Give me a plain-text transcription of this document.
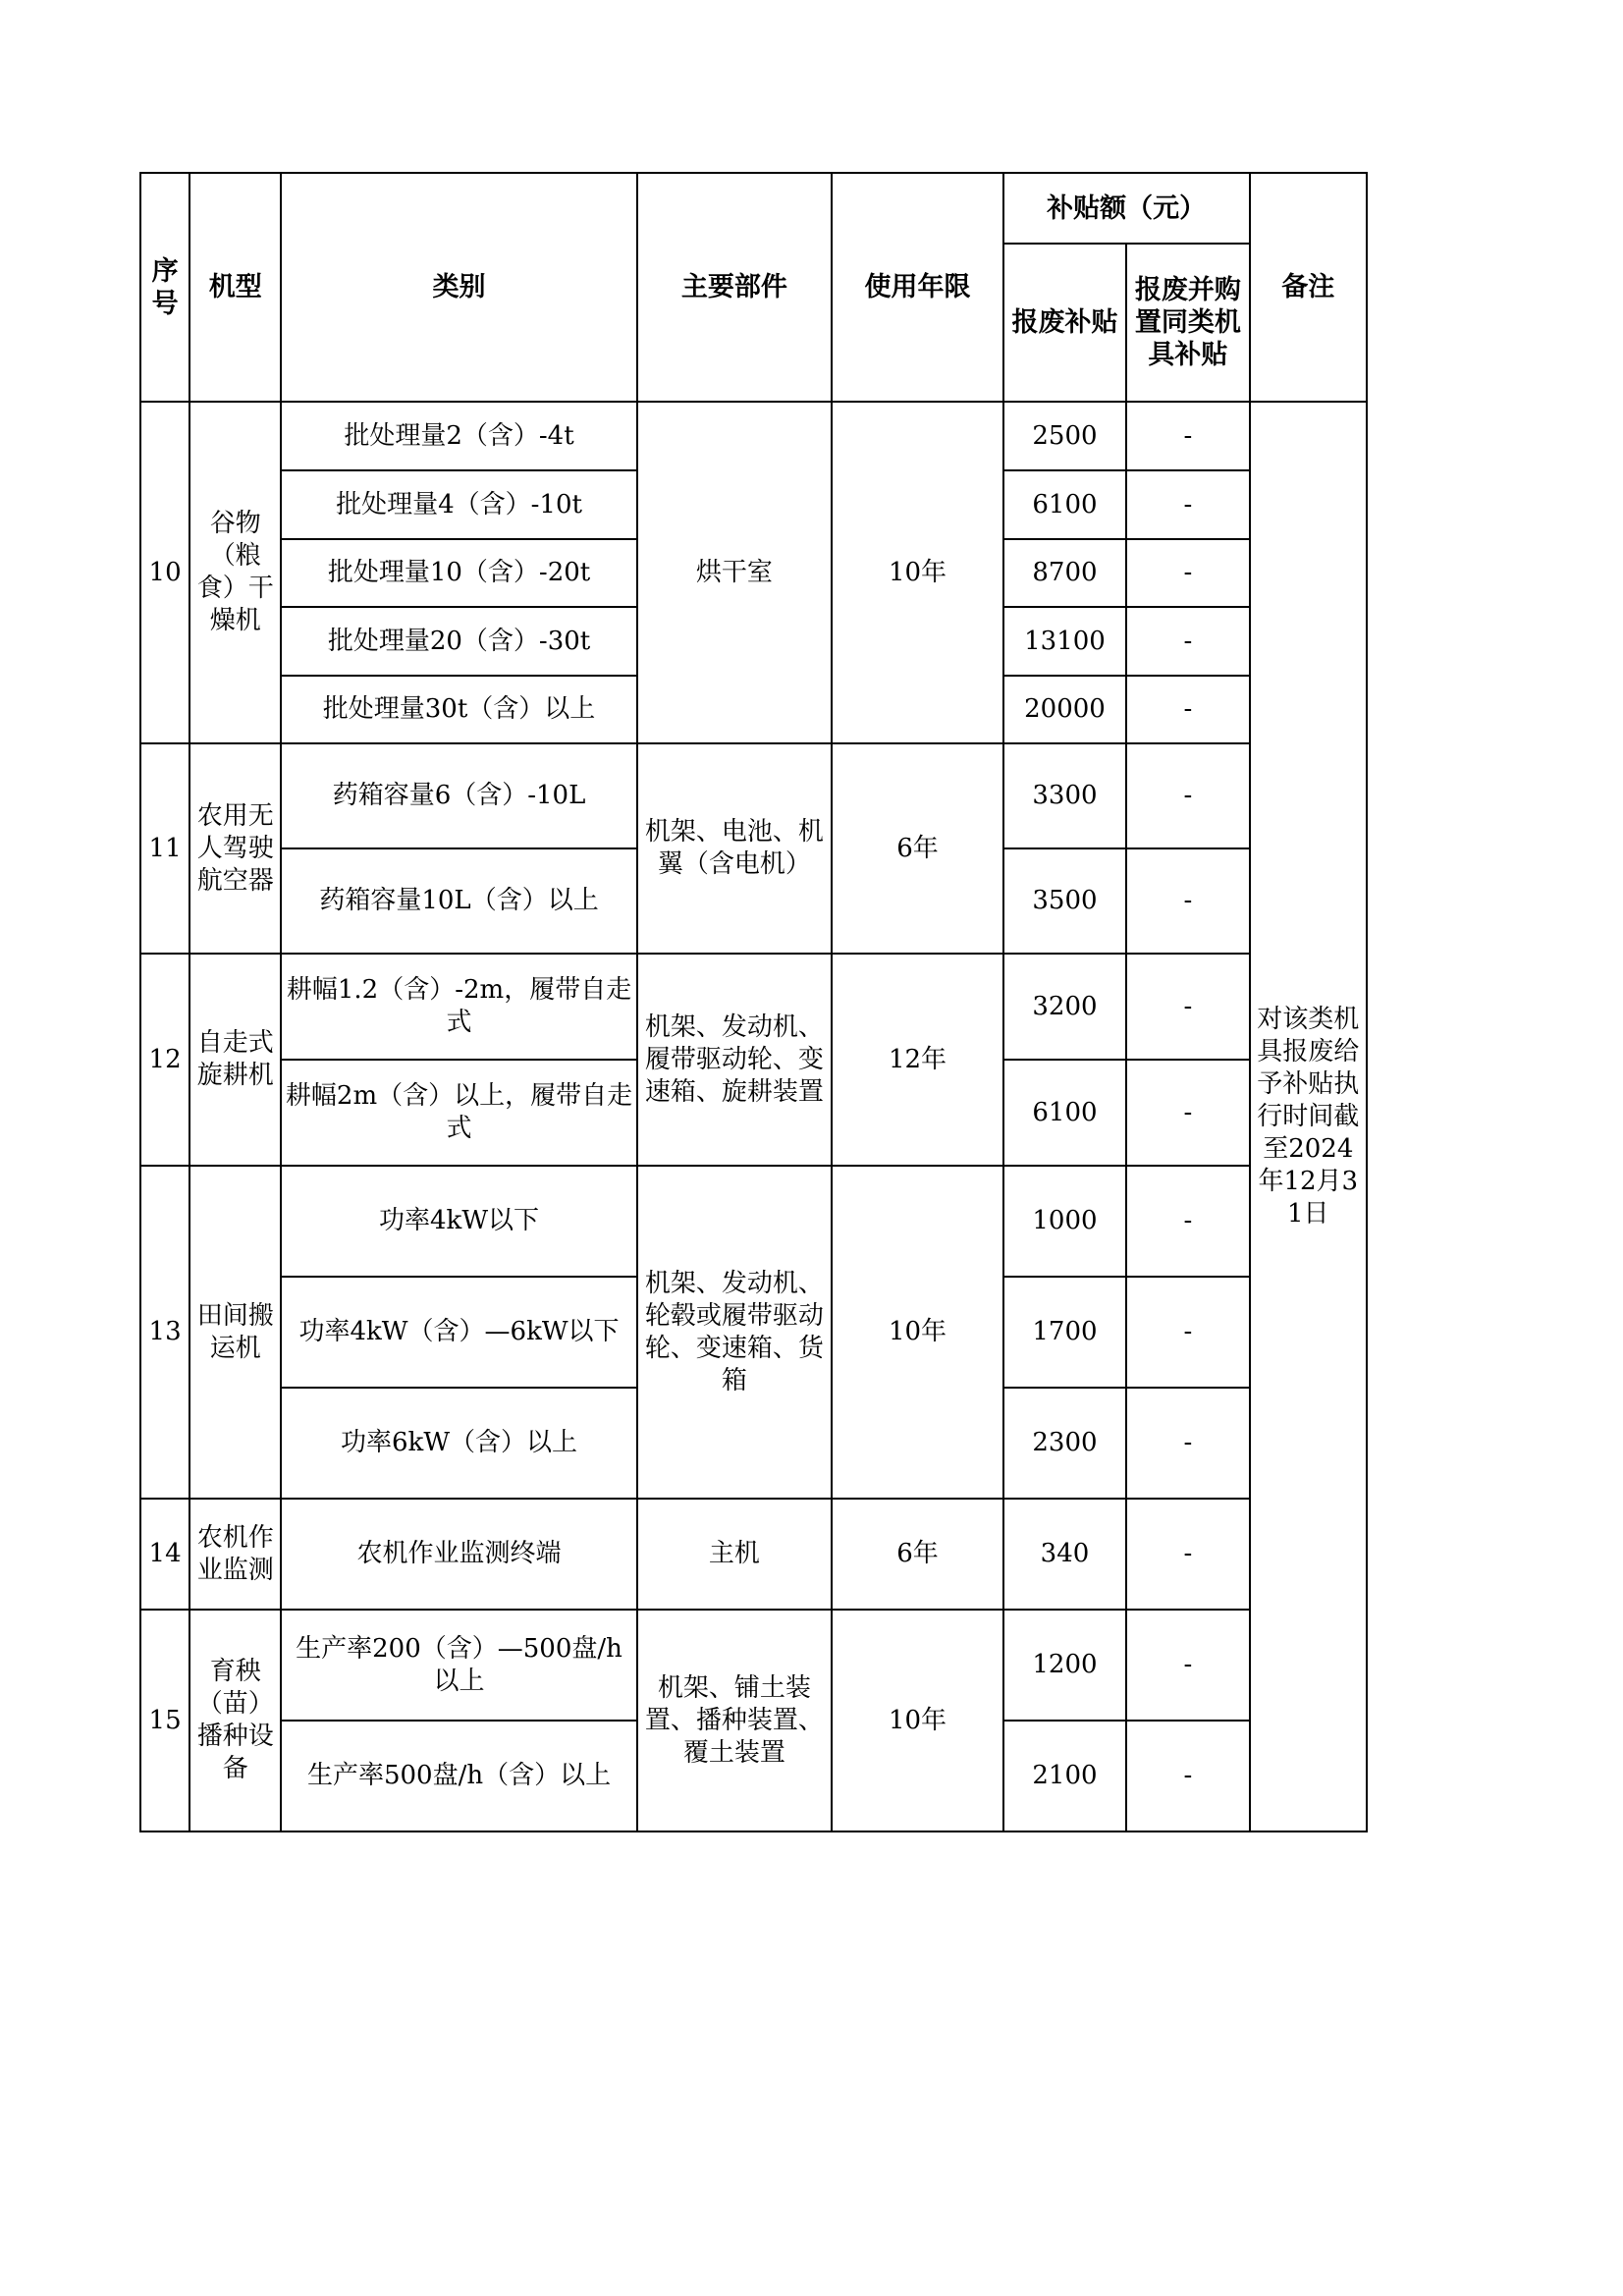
序号	机型	类别	主要部件	使用年限	补贴额（元）		备注
					报废补贴	报废并购置同类机具补贴	
10	谷物（粮食）干燥机	批处理量2（含）-4t	烘干室	10年	2500	-	对该类机具报废给予补贴执行时间截至2024年12月31日
		批处理量4（含）-10t			6100	-	
		批处理量10（含）-20t			8700	-	
		批处理量20（含）-30t			13100	-	
		批处理量30t（含）以上			20000	-	
11	农用无人驾驶航空器	药箱容量6（含）-10L	机架、电池、机翼（含电机）	6年	3300	-	
		药箱容量10L（含）以上			3500	-	
12	自走式旋耕机	耕幅1.2（含）-2m，履带自走式	机架、发动机、履带驱动轮、变速箱、旋耕装置	12年	3200	-	
		耕幅2m（含）以上，履带自走式			6100	-	
13	田间搬运机	功率4kW以下	机架、发动机、轮毂或履带驱动轮、变速箱、货箱	10年	1000	-	
		功率4kW（含）—6kW以下			1700	-	
		功率6kW（含）以上			2300	-	
14	农机作业监测	农机作业监测终端	主机	6年	340	-	
15	育秧（苗）播种设备	生产率200（含）—500盘/h以上	机架、铺土装置、播种装置、覆土装置	10年	1200	-	
		生产率500盘/h（含）以上			2100	-	
